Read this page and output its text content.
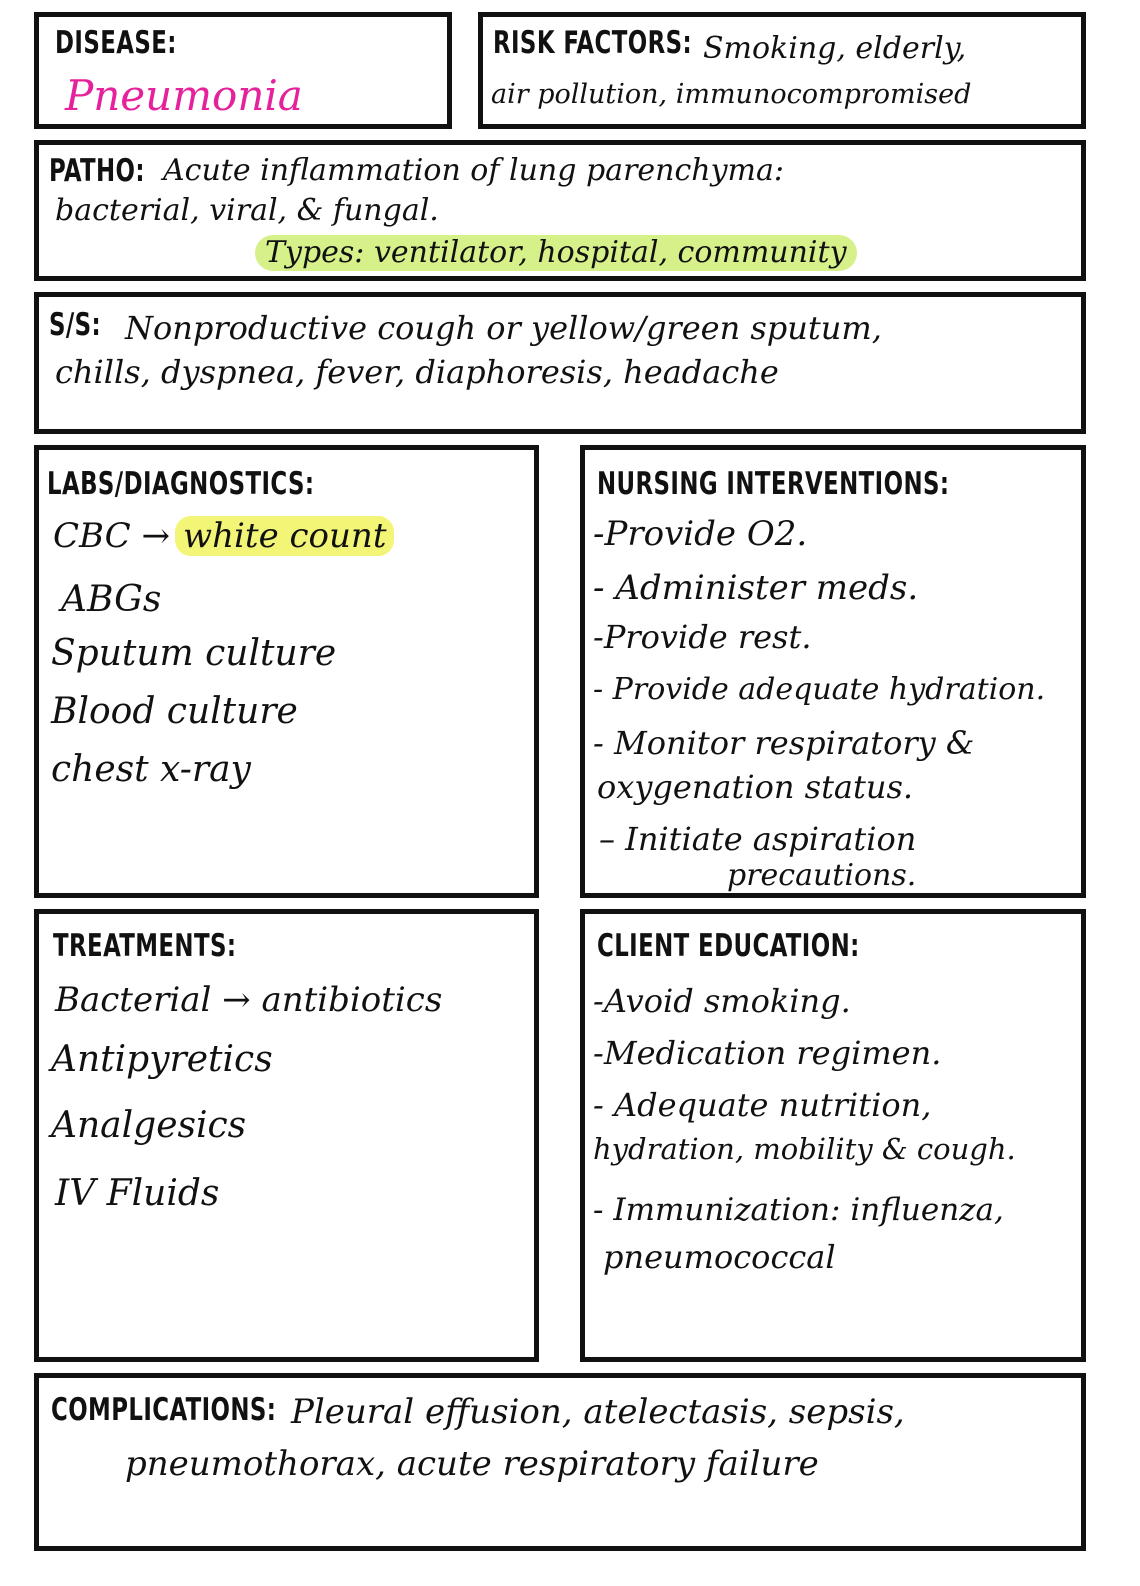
DISEASE:
Pneumonia
RISK FACTORS: Smoking, elderly,
air pollution, immunocompromised
PATHO: Acute inflammation of lung parenchyma:
bacterial, viral, & fungal.
Types: ventilator, hospital, community
S/S: Nonproductive cough or yellow/green sputum,
chills, dyspnea, fever, diaphoresis, headache
LABS/DIAGNOSTICS:
CBC → white count
ABGs
Sputum culture
Blood culture
chest x-ray
NURSING INTERVENTIONS:
-Provide O2.
- Administer meds.
-Provide rest.
- Provide adequate hydration.
- Monitor respiratory &
oxygenation status.
– Initiate aspiration
precautions.
TREATMENTS:
Bacterial → antibiotics
Antipyretics
Analgesics
IV Fluids
CLIENT EDUCATION:
-Avoid smoking.
-Medication regimen.
- Adequate nutrition,
hydration, mobility & cough.
- Immunization: influenza,
pneumococcal
COMPLICATIONS: Pleural effusion, atelectasis, sepsis,
pneumothorax, acute respiratory failure
